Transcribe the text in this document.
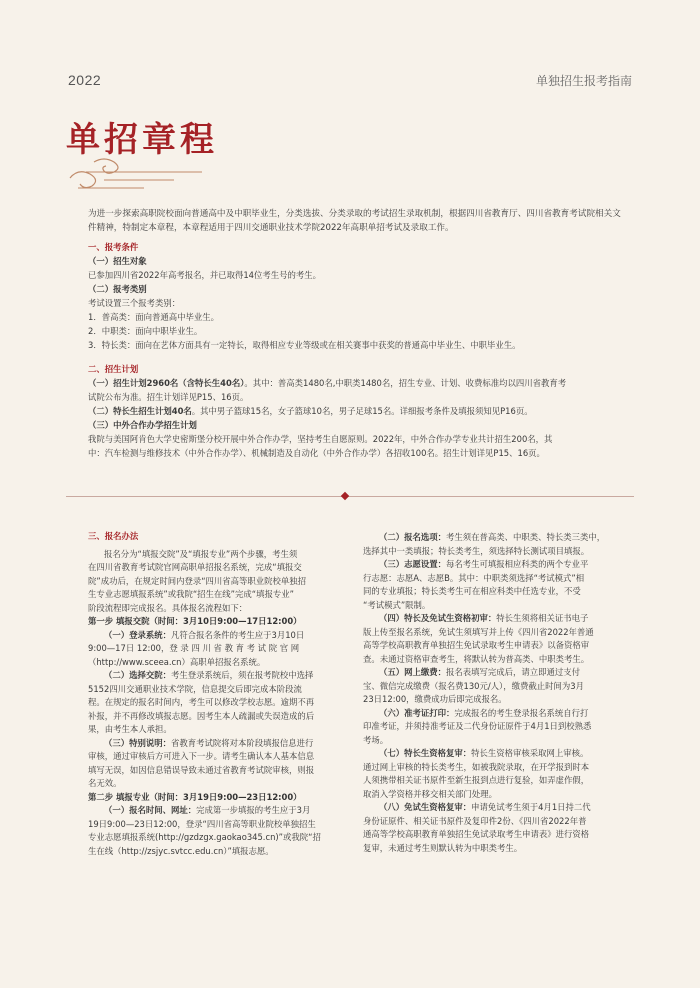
2022	单独招生报考指南
单招章程

为进一步探索高职院校面向普通高中及中职毕业生，分类选拔、分类录取的考试招生录取机制，根据四川省教育厅、四川省教育考试院相关文件精神，特制定本章程，本章程适用于四川交通职业技术学院2022年高职单招考试及录取工作。

一、报考条件
（一）招生对象
已参加四川省2022年高考报名，并已取得14位考生号的考生。
（二）报考类别
考试设置三个报考类别：
1．普高类：面向普通高中毕业生。
2．中职类：面向中职毕业生。
3．特长类：面向在艺体方面具有一定特长，取得相应专业等级或在相关赛事中获奖的普通高中毕业生、中职毕业生。
二、招生计划
（一）招生计划2960名（含特长生40名）。其中：普高类1480名,中职类1480名，招生专业、计划、收费标准均以四川省教育考
试院公布为准。招生计划详见P15、16页。
（二）特长生招生计划40名。其中男子篮球15名，女子篮球10名，男子足球15名。详细报考条件及填报须知见P16页。
（三）中外合作办学招生计划
我院与美国阿肯色大学史密斯堡分校开展中外合作办学，坚持考生自愿原则。2022年，中外合作办学专业共计招生200名，其
中：汽车检测与维修技术（中外合作办学）、机械制造及自动化（中外合作办学）各招收100名。招生计划详见P15、16页。

三、报名办法

报名分为“填报交院”及“填报专业”两个步骤，考生须
在四川省教育考试院官网高职单招报名系统，完成“填报交
院”成功后，在规定时间内登录“四川省高等职业院校单独招
生专业志愿填报系统”或我院“招生在线”完成“填报专业”
阶段流程即完成报名。具体报名流程如下：

第一步 填报交院（时间：3月10日9:00—17日12:00）

（一）登录系统：凡符合报名条件的考生应于3月10日
9:00—17日 12:00，登 录 四 川 省 教 育 考 试 院 官 网
（http://www.sceea.cn）高职单招报名系统。

（二）选择交院：考生登录系统后，须在报考院校中选择
5152四川交通职业技术学院，信息提交后即完成本阶段流
程。在规定的报名时间内，考生可以修改学校志愿。逾期不再
补报，并不再修改填报志愿。因考生本人疏漏或失误造成的后
果，由考生本人承担。

（三）特别说明：省教育考试院将对本阶段填报信息进行
审核，通过审核后方可进入下一步。请考生确认本人基本信息
填写无误，如因信息错误导致未通过省教育考试院审核，则报
名无效。

第二步 填报专业（时间：3月19日9:00—23日12:00）

（一）报名时间、网址：完成第一步填报的考生应于3月
19日9:00—23日12:00，登录“四川省高等职业院校单独招生
专业志愿填报系统(http://gzdzgx.gaokao345.cn)”或我院“招
生在线（http://zsjyc.svtcc.edu.cn）”填报志愿。

（二）报名选项：考生须在普高类、中职类、特长类三类中，
选择其中一类填报；特长类考生，须选择特长测试项目填报。

（三）志愿设置：每名考生可填报相应科类的两个专业平
行志愿：志愿A、志愿B。其中：中职类须选择“考试模式”相
同的专业填报；特长类考生可在相应科类中任选专业，不受
“考试模式”限制。

（四）特长及免试生资格初审：特长生须将相关证书电子
版上传至报名系统，免试生须填写并上传《四川省2022年普通
高等学校高职教育单独招生免试录取考生申请表》以备资格审
查。未通过资格审查考生，将默认转为普高类、中职类考生。

（五）网上缴费：报名表填写完成后，请立即通过支付
宝、微信完成缴费（报名费130元/人），缴费截止时间为3月
23日12:00，缴费成功后即完成报名。

（六）准考证打印：完成报名的考生登录报名系统自行打
印准考证，并须持准考证及二代身份证原件于4月1日到校熟悉
考场。

（七）特长生资格复审：特长生资格审核采取网上审核。
通过网上审核的特长类考生，如被我院录取，在开学报到时本
人须携带相关证书原件至新生报到点进行复验，如弄虚作假，
取消入学资格并移交相关部门处理。

（八）免试生资格复审：申请免试考生须于4月1日持二代
身份证原件、相关证书原件及复印件2份、《四川省2022年普
通高等学校高职教育单独招生免试录取考生申请表》进行资格
复审，未通过考生则默认转为中职类考生。
